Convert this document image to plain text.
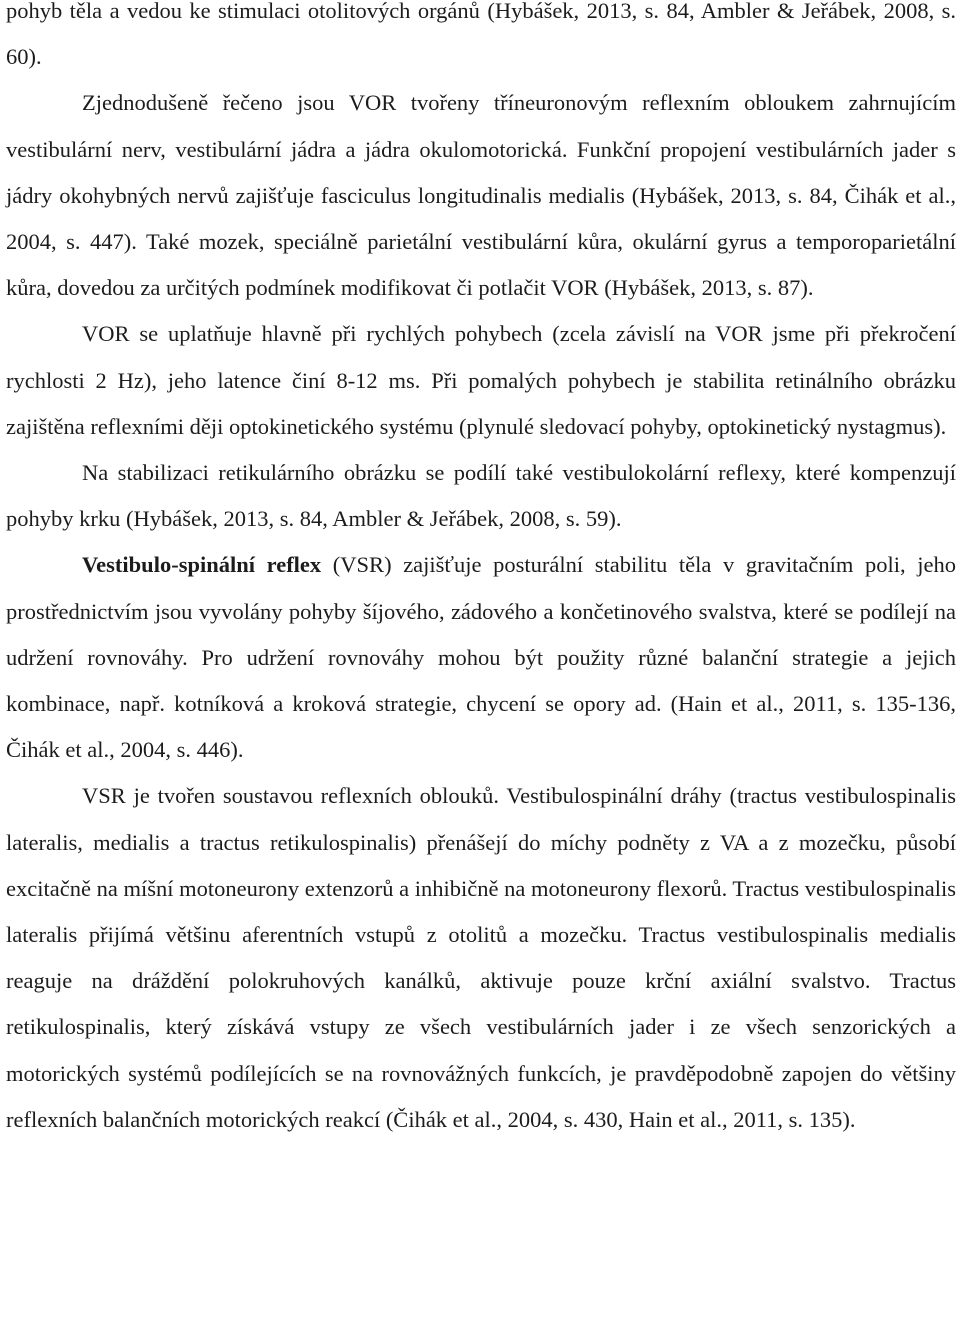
pohyb těla a vedou ke stimulaci otolitových orgánů (Hybášek, 2013, s. 84, Ambler & Jeřábek, 2008, s. 60).

Zjednodušeně řečeno jsou VOR tvořeny tříneuronovým reflexním obloukem zahrnujícím vestibulární nerv, vestibulární jádra a jádra okulomotorická. Funkční propojení vestibulárních jader s jádry okohybných nervů zajišťuje fasciculus longitudinalis medialis (Hybášek, 2013, s. 84, Čihák et al., 2004, s. 447). Také mozek, speciálně parietální vestibulární kůra, okulární gyrus a temporoparietální kůra, dovedou za určitých podmínek modifikovat či potlačit VOR (Hybášek, 2013, s. 87).

VOR se uplatňuje hlavně při rychlých pohybech (zcela závislí na VOR jsme při překročení rychlosti 2 Hz), jeho latence činí 8-12 ms. Při pomalých pohybech je stabilita retinálního obrázku zajištěna reflexními ději optokinetického systému (plynulé sledovací pohyby, optokinetický nystagmus).

Na stabilizaci retikulárního obrázku se podílí také vestibulokolární reflexy, které kompenzují pohyby krku (Hybášek, 2013, s. 84, Ambler & Jeřábek, 2008, s. 59).

Vestibulo-spinální reflex (VSR) zajišťuje posturální stabilitu těla v gravitačním poli, jeho prostřednictvím jsou vyvolány pohyby šíjového, zádového a končetinového svalstva, které se podílejí na udržení rovnováhy. Pro udržení rovnováhy mohou být použity různé balanční strategie a jejich kombinace, např. kotníková a kroková strategie, chycení se opory ad. (Hain et al., 2011, s. 135-136, Čihák et al., 2004, s. 446).

VSR je tvořen soustavou reflexních oblouků. Vestibulospinální dráhy (tractus vestibulospinalis lateralis, medialis a tractus retikulospinalis) přenášejí do míchy podněty z VA a z mozečku, působí excitačně na míšní motoneurony extenzorů a inhibičně na motoneurony flexorů. Tractus vestibulospinalis lateralis přijímá většinu aferentních vstupů z otolitů a mozečku. Tractus vestibulospinalis medialis reaguje na dráždění polokruhových kanálků, aktivuje pouze krční axiální svalstvo. Tractus retikulospinalis, který získává vstupy ze všech vestibulárních jader i ze všech senzorických a motorických systémů podílejících se na rovnovážných funkcích, je pravděpodobně zapojen do většiny reflexních balančních motorických reakcí (Čihák et al., 2004, s. 430, Hain et al., 2011, s. 135).
